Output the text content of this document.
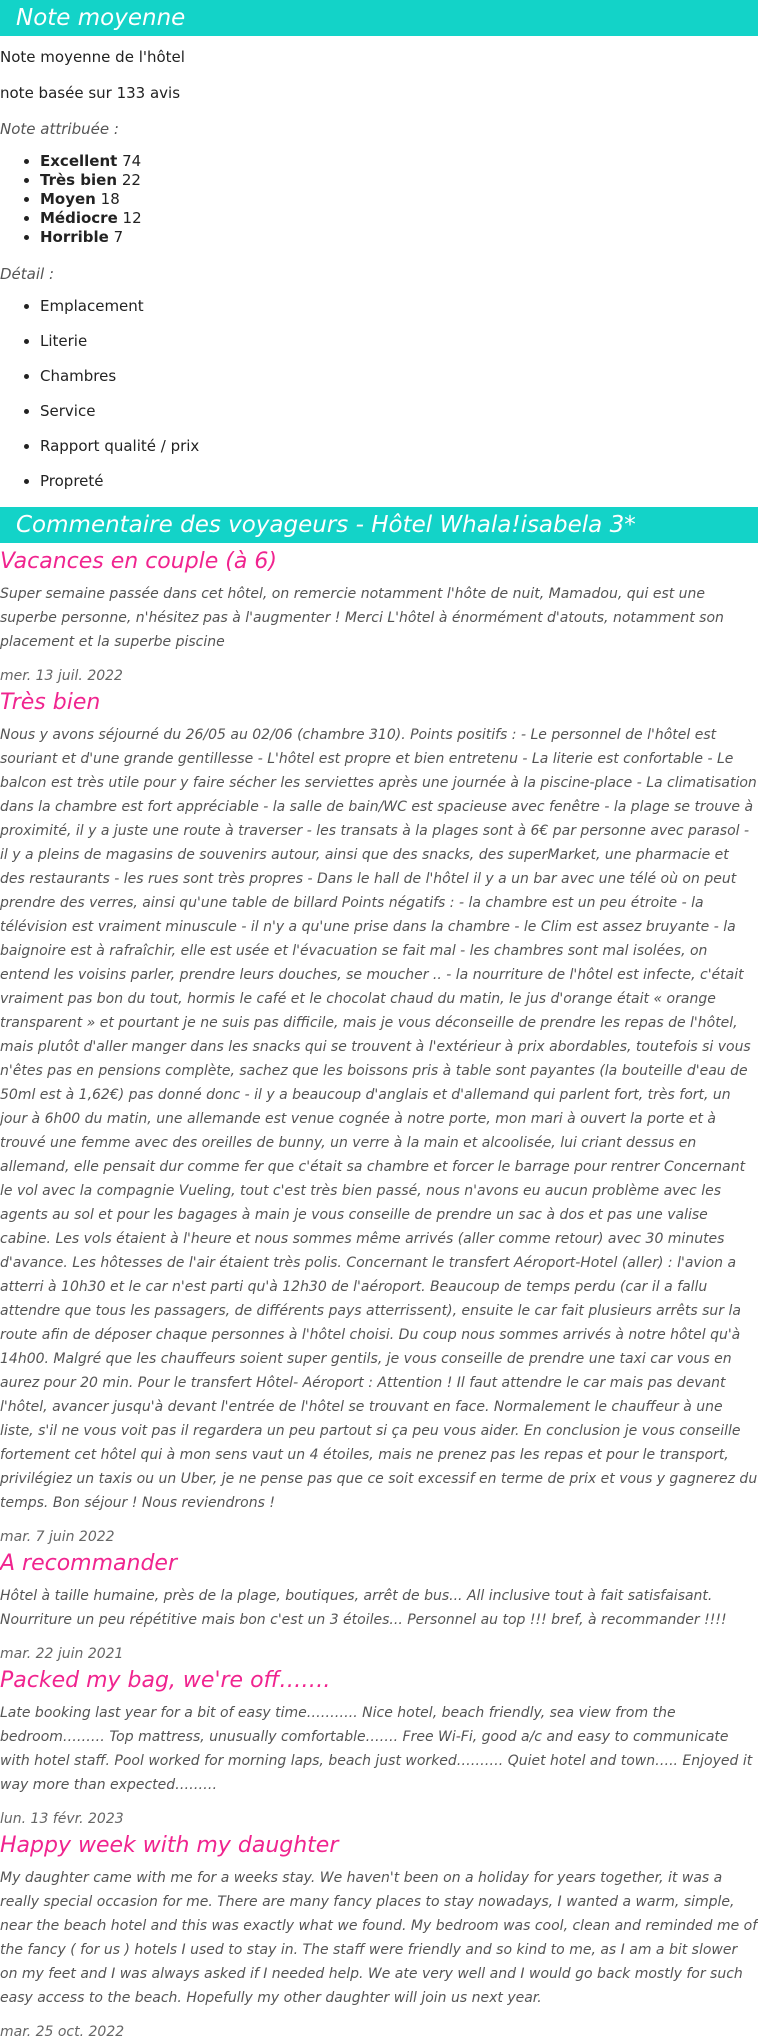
Note moyenne

Note moyenne de l'hôtel

note basée sur 133 avis

Note attribuée :

• Excellent 74
• Très bien 22
• Moyen 18
• Médiocre 12
• Horrible 7

Détail :

• Emplacement
• Literie
• Chambres
• Service
• Rapport qualité / prix
• Propreté
Commentaire des voyageurs - Hôtel Whala!isabela 3*
Vacances en couple (à 6)

Super semaine passée dans cet hôtel, on remercie notamment l'hôte de nuit, Mamadou, qui est une superbe personne, n'hésitez pas à l'augmenter ! Merci L'hôtel à énormément d'atouts, notamment son placement et la superbe piscine

mer. 13 juil. 2022

Très bien

Nous y avons séjourné du 26/05 au 02/06 (chambre 310). Points positifs : - Le personnel de l'hôtel est souriant et d'une grande gentillesse - L'hôtel est propre et bien entretenu - La literie est confortable - Le balcon est très utile pour y faire sécher les serviettes après une journée à la piscine-place - La climatisation dans la chambre est fort appréciable - la salle de bain/WC est spacieuse avec fenêtre - la plage se trouve à proximité, il y a juste une route à traverser - les transats à la plages sont à 6€ par personne avec parasol - il y a pleins de magasins de souvenirs autour, ainsi que des snacks, des superMarket, une pharmacie et des restaurants - les rues sont très propres - Dans le hall de l'hôtel il y a un bar avec une télé où on peut prendre des verres, ainsi qu'une table de billard Points négatifs : - la chambre est un peu étroite - la télévision est vraiment minuscule - il n'y a qu'une prise dans la chambre - le Clim est assez bruyante - la baignoire est à rafraîchir, elle est usée et l'évacuation se fait mal - les chambres sont mal isolées, on entend les voisins parler, prendre leurs douches, se moucher .. - la nourriture de l'hôtel est infecte, c'était vraiment pas bon du tout, hormis le café et le chocolat chaud du matin, le jus d'orange était « orange transparent » et pourtant je ne suis pas difficile, mais je vous déconseille de prendre les repas de l'hôtel, mais plutôt d'aller manger dans les snacks qui se trouvent à l'extérieur à prix abordables, toutefois si vous n'êtes pas en pensions complète, sachez que les boissons pris à table sont payantes (la bouteille d'eau de 50ml est à 1,62€) pas donné donc - il y a beaucoup d'anglais et d'allemand qui parlent fort, très fort, un jour à 6h00 du matin, une allemande est venue cognée à notre porte, mon mari à ouvert la porte et à trouvé une femme avec des oreilles de bunny, un verre à la main et alcoolisée, lui criant dessus en allemand, elle pensait dur comme fer que c'était sa chambre et forcer le barrage pour rentrer Concernant le vol avec la compagnie Vueling, tout c'est très bien passé, nous n'avons eu aucun problème avec les agents au sol et pour les bagages à main je vous conseille de prendre un sac à dos et pas une valise cabine. Les vols étaient à l'heure et nous sommes même arrivés (aller comme retour) avec 30 minutes d'avance. Les hôtesses de l'air étaient très polis. Concernant le transfert Aéroport-Hotel (aller) : l'avion a atterri à 10h30 et le car n'est parti qu'à 12h30 de l'aéroport. Beaucoup de temps perdu (car il a fallu attendre que tous les passagers, de différents pays atterrissent), ensuite le car fait plusieurs arrêts sur la route afin de déposer chaque personnes à l'hôtel choisi. Du coup nous sommes arrivés à notre hôtel qu'à 14h00. Malgré que les chauffeurs soient super gentils, je vous conseille de prendre une taxi car vous en aurez pour 20 min. Pour le transfert Hôtel- Aéroport : Attention ! Il faut attendre le car mais pas devant l'hôtel, avancer jusqu'à devant l'entrée de l'hôtel se trouvant en face. Normalement le chauffeur à une liste, s'il ne vous voit pas il regardera un peu partout si ça peu vous aider. En conclusion je vous conseille fortement cet hôtel qui à mon sens vaut un 4 étoiles, mais ne prenez pas les repas et pour le transport, privilégiez un taxis ou un Uber, je ne pense pas que ce soit excessif en terme de prix et vous y gagnerez du temps. Bon séjour ! Nous reviendrons !

mar. 7 juin 2022

A recommander

Hôtel à taille humaine, près de la plage, boutiques, arrêt de bus... All inclusive tout à fait satisfaisant. Nourriture un peu répétitive mais bon c'est un 3 étoiles... Personnel au top !!! bref, à recommander !!!!

mar. 22 juin 2021

Packed my bag, we're off…….

Late booking last year for a bit of easy time……….. Nice hotel, beach friendly, sea view from the bedroom……… Top mattress, unusually comfortable……. Free Wi-Fi, good a/c and easy to communicate with hotel staff. Pool worked for morning laps, beach just worked………. Quiet hotel and town….. Enjoyed it way more than expected………

lun. 13 févr. 2023

Happy week with my daughter

My daughter came with me for a weeks stay. We haven't been on a holiday for years together, it was a really special occasion for me. There are many fancy places to stay nowadays, I wanted a warm, simple, near the beach hotel and this was exactly what we found. My bedroom was cool, clean and reminded me of the fancy ( for us ) hotels I used to stay in. The staff were friendly and so kind to me, as I am a bit slower on my feet and I was always asked if I needed help. We ate very well and I would go back mostly for such easy access to the beach. Hopefully my other daughter will join us next year.

mar. 25 oct. 2022
